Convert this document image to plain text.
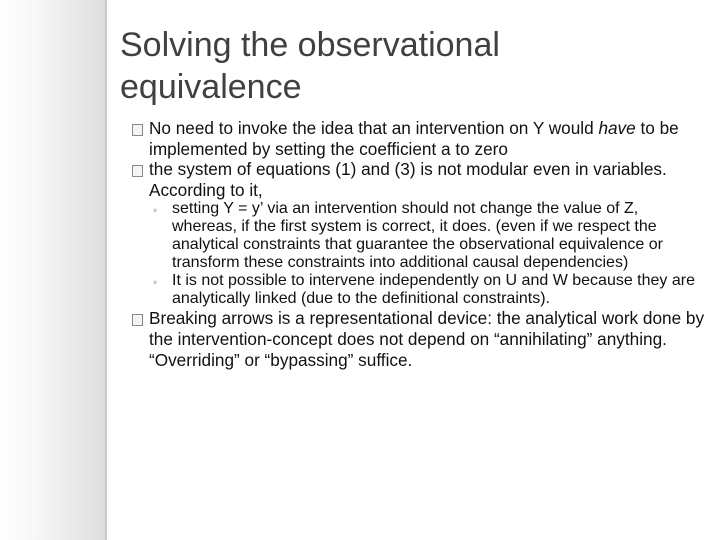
Solving the observational equivalence
No need to invoke the idea that an intervention on Y would have to be implemented by setting the coefficient a to zero
the system of equations (1) and (3) is not modular even in variables. According to it,
◦ setting Y = y’ via an intervention should not change the value of Z, whereas, if the first system is correct, it does. (even if we respect the analytical constraints that guarantee the observational equivalence or transform these constraints into additional causal dependencies)
◦ It is not possible to intervene independently on U and W because they are analytically linked (due to the definitional constraints).
Breaking arrows is a representational device: the analytical work done by the intervention-concept does not depend on “annihilating” anything. “Overriding” or “bypassing” suffice.
